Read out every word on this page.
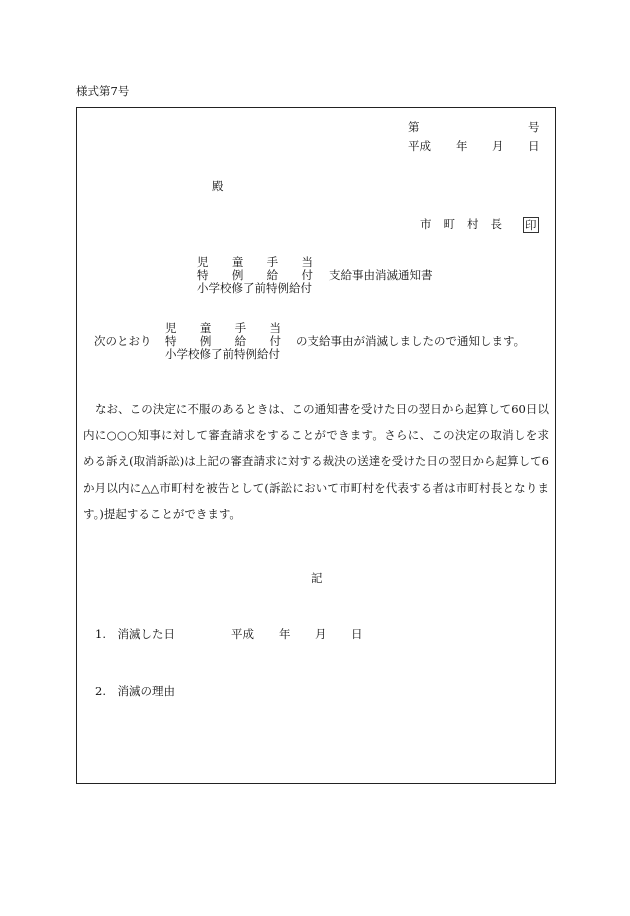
様式第7号
第	号
平成 年 月 日
殿
市 町 村 長 印
児 童 手 当
特 例 給 付 支給事由消滅通知書
小学校修了前特例給付
次のとおり
児 童 手 当
特 例 給 付 の支給事由が消滅しましたので通知します。
小学校修了前特例給付
なお、この決定に不服のあるときは、この通知書を受けた日の翌日から起算して60日以内に○○○知事に対して審査請求をすることができます。さらに、この決定の取消しを求める訴え(取消訴訟)は上記の審査請求に対する裁決の送達を受けた日の翌日から起算して6か月以内に△△市町村を被告として(訴訟において市町村を代表する者は市町村長となります。)提起することができます。
記
1.　消滅した日	平成 年 月 日
2.　消滅の理由
